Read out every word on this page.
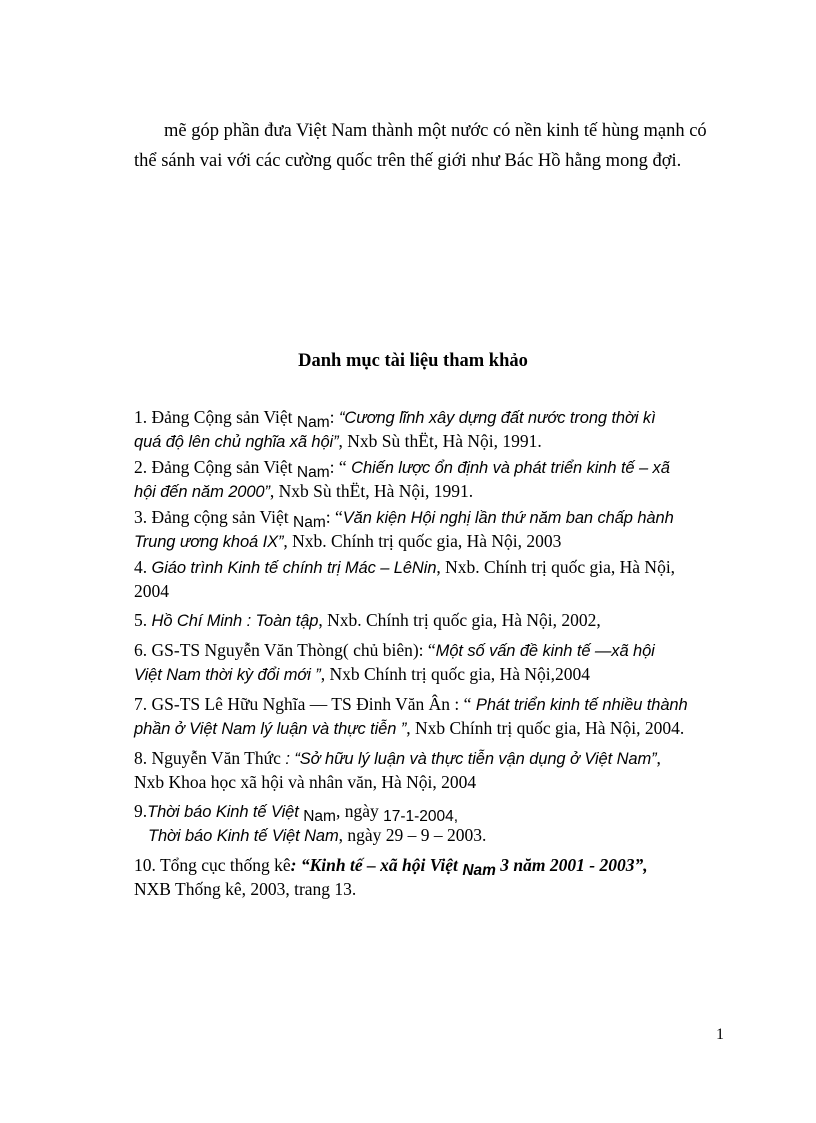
mẽ góp phần đưa Việt Nam thành một nước có nền kinh tế hùng mạnh có
thể sánh vai với các cường quốc trên thế giới như Bác Hồ hằng mong đợi.
Danh mục tài liệu tham khảo
1. Đảng Cộng sản Việt Nam: “Cương lĩnh xây dựng đất nước trong thời kì
quá độ lên chủ nghĩa xã hội”, Nxb Sù thËt, Hà Nội, 1991.
2. Đảng Cộng sản Việt Nam: “ Chiến lược ổn định và phát triển kinh tế – xã
hội đến năm 2000”, Nxb Sù thËt, Hà Nội, 1991.
3. Đảng cộng sản Việt Nam: “Văn kiện Hội nghị lần thứ năm ban chấp hành
Trung ương khoá IX”, Nxb. Chính trị quốc gia, Hà Nội, 2003
4. Giáo trình Kinh tế chính trị Mác – LêNin, Nxb. Chính trị quốc gia, Hà Nội,
2004
5. Hồ Chí Minh : Toàn tập, Nxb. Chính trị quốc gia, Hà Nội, 2002,
6. GS-TS Nguyễn Văn Thòng( chủ biên): “Một số vấn đề kinh tế —xã hội
Việt Nam thời kỳ đổi mới ”, Nxb Chính trị quốc gia, Hà Nội,2004
7. GS-TS Lê Hữu Nghĩa — TS Đinh Văn Ân : “ Phát triển kinh tế nhiều thành
phần ở Việt Nam lý luận và thực tiễn ”, Nxb Chính trị quốc gia, Hà Nội, 2004.
8. Nguyễn Văn Thức : “Sở hữu lý luận và thực tiễn vận dụng ở Việt Nam”,
Nxb Khoa học xã hội và nhân văn, Hà Nội, 2004
9.Thời báo Kinh tế Việt Nam, ngày 17-1-2004,
Thời báo Kinh tế Việt Nam, ngày 29 – 9 – 2003.
10. Tổng cục thống kê: “Kinh tế – xã hội Việt Nam 3 năm 2001 - 2003”,
NXB Thống kê, 2003, trang 13.
1
